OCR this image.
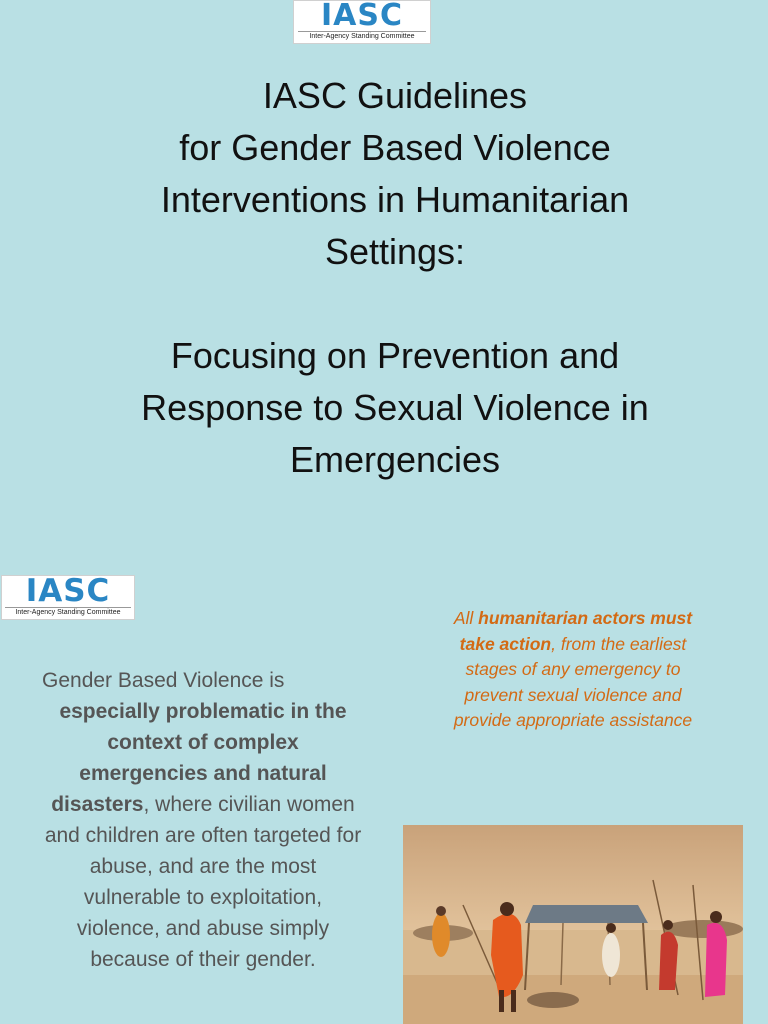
IASC
Inter-Agency Standing Committee

IASC Guidelines

for Gender Based Violence

Interventions in Humanitarian

Settings:

Focusing on Prevention and

Response to Sexual Violence in

Emergencies

IASC
Inter-Agency Standing Committee
Gender Based Violence is
especially problematic in the context of complex emergencies and natural disasters, where civilian women and children are often targeted for abuse, and are the most vulnerable to exploitation, violence, and abuse simply because of their gender.
All humanitarian actors must take action, from the earliest stages of any emergency to prevent sexual violence and provide appropriate assistance
